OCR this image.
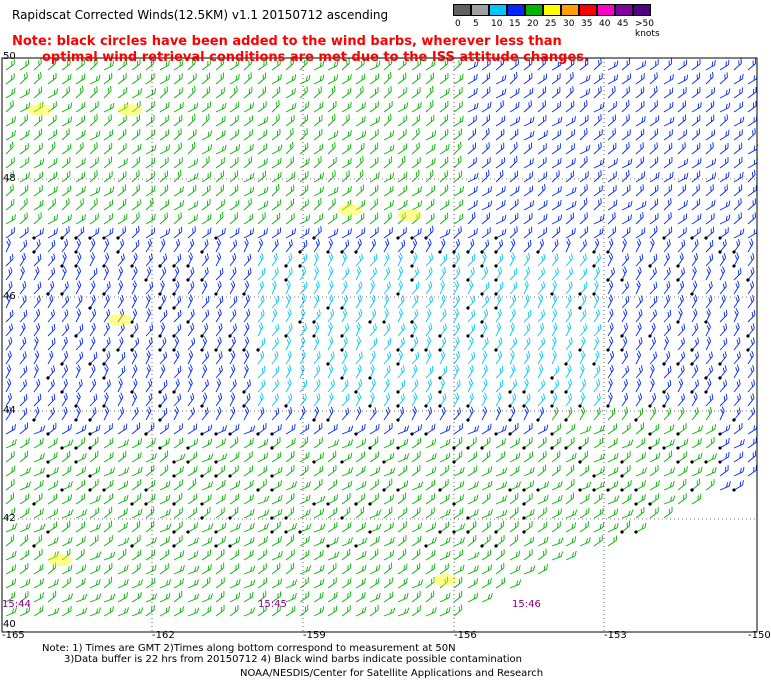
Rapidscat Corrected Winds(12.5KM) v1.1 20150712 ascending
Note: black circles have been added to the wind barbs, wherever less than
optimal wind retrieval conditions are met due to the ISS attitude changes.
0 5 10 15 20 25 30 35 40 45 >50 knots
50
48
46
44
42
40
-165	-162	-159	-156	-153	-150
15:44	15:45	15:46
Note: 1) Times are GMT 2)Times along bottom correspond to measurement at 50N
3)Data buffer is 22 hrs from 20150712 4) Black wind barbs indicate possible contamination
NOAA/NESDIS/Center for Satellite Applications and Research
